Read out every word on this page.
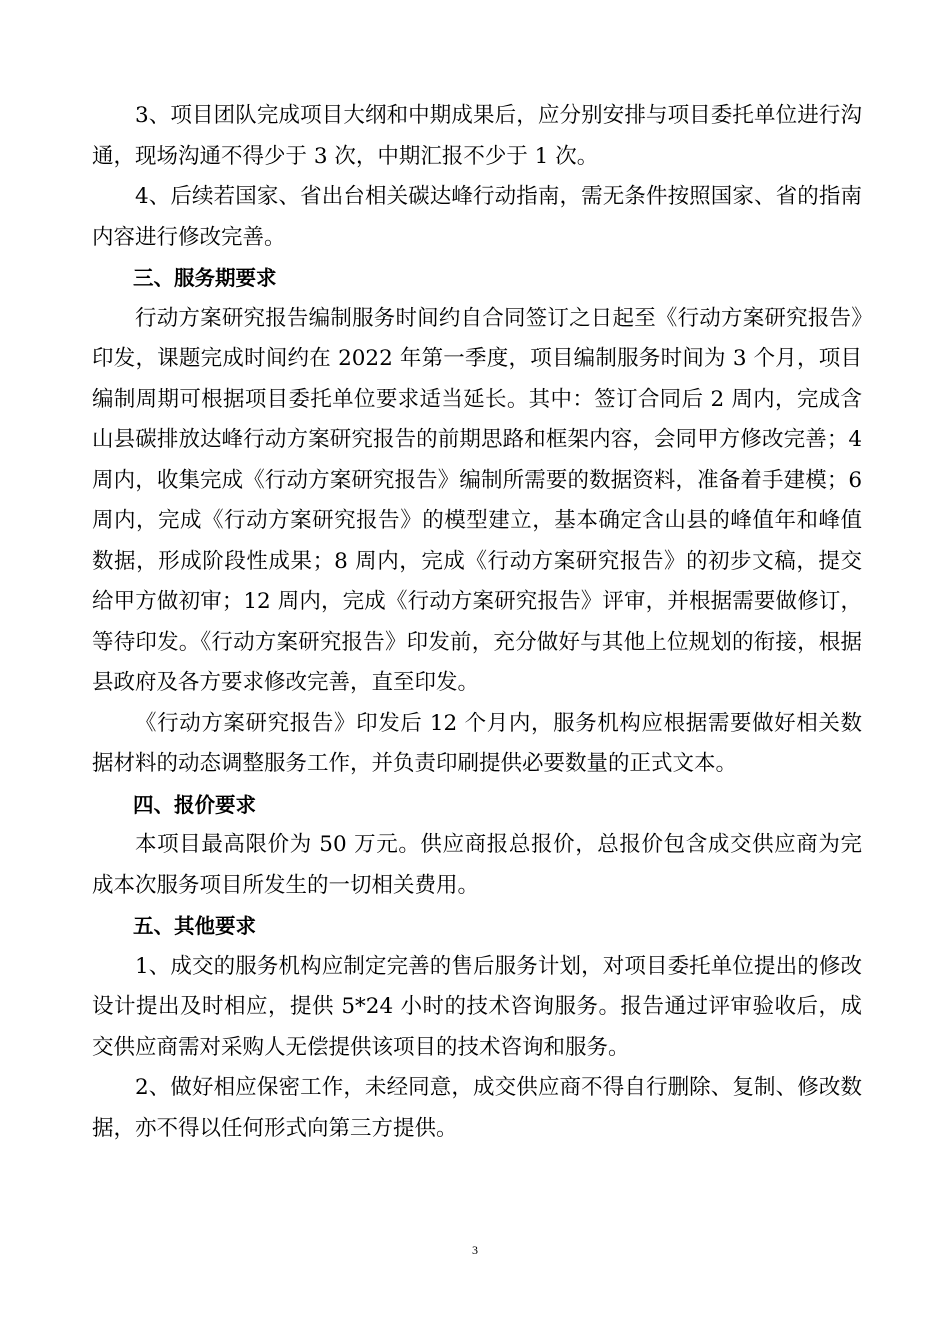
3、项目团队完成项目大纲和中期成果后，应分别安排与项目委托单位进行沟通，现场沟通不得少于 3 次，中期汇报不少于 1 次。

4、后续若国家、省出台相关碳达峰行动指南，需无条件按照国家、省的指南内容进行修改完善。

三、服务期要求

行动方案研究报告编制服务时间约自合同签订之日起至《行动方案研究报告》印发，课题完成时间约在 2022 年第一季度，项目编制服务时间为 3 个月，项目编制周期可根据项目委托单位要求适当延长。其中：签订合同后 2 周内，完成含山县碳排放达峰行动方案研究报告的前期思路和框架内容，会同甲方修改完善；4 周内，收集完成《行动方案研究报告》编制所需要的数据资料，准备着手建模；6 周内，完成《行动方案研究报告》的模型建立，基本确定含山县的峰值年和峰值数据，形成阶段性成果；8 周内，完成《行动方案研究报告》的初步文稿，提交给甲方做初审；12 周内，完成《行动方案研究报告》评审，并根据需要做修订，等待印发。《行动方案研究报告》印发前，充分做好与其他上位规划的衔接，根据县政府及各方要求修改完善，直至印发。

《行动方案研究报告》印发后 12 个月内，服务机构应根据需要做好相关数据材料的动态调整服务工作，并负责印刷提供必要数量的正式文本。

四、报价要求

本项目最高限价为 50 万元。供应商报总报价，总报价包含成交供应商为完成本次服务项目所发生的一切相关费用。

五、其他要求

1、成交的服务机构应制定完善的售后服务计划，对项目委托单位提出的修改设计提出及时相应，提供 5*24 小时的技术咨询服务。报告通过评审验收后，成交供应商需对采购人无偿提供该项目的技术咨询和服务。

2、做好相应保密工作，未经同意，成交供应商不得自行删除、复制、修改数据，亦不得以任何形式向第三方提供。

3
